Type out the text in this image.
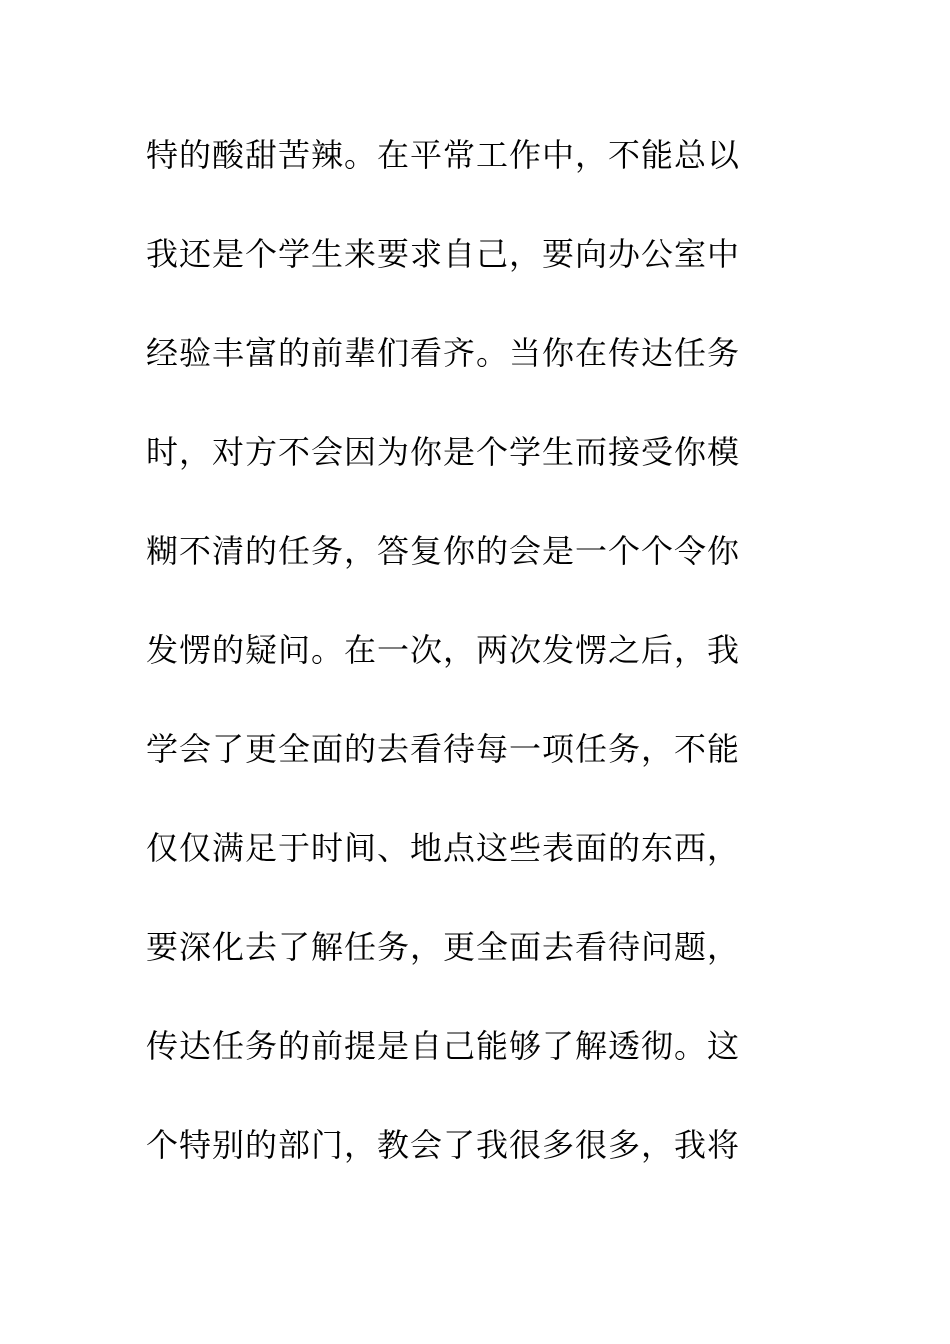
特的酸甜苦辣。在平常工作中，不能总以
我还是个学生来要求自己，要向办公室中
经验丰富的前辈们看齐。当你在传达任务
时，对方不会因为你是个学生而接受你模
糊不清的任务，答复你的会是一个个令你
发愣的疑问。在一次，两次发愣之后，我
学会了更全面的去看待每一项任务，不能
仅仅满足于时间、地点这些表面的东西，
要深化去了解任务，更全面去看待问题，
传达任务的前提是自己能够了解透彻。这
个特别的部门，教会了我很多很多，我将
